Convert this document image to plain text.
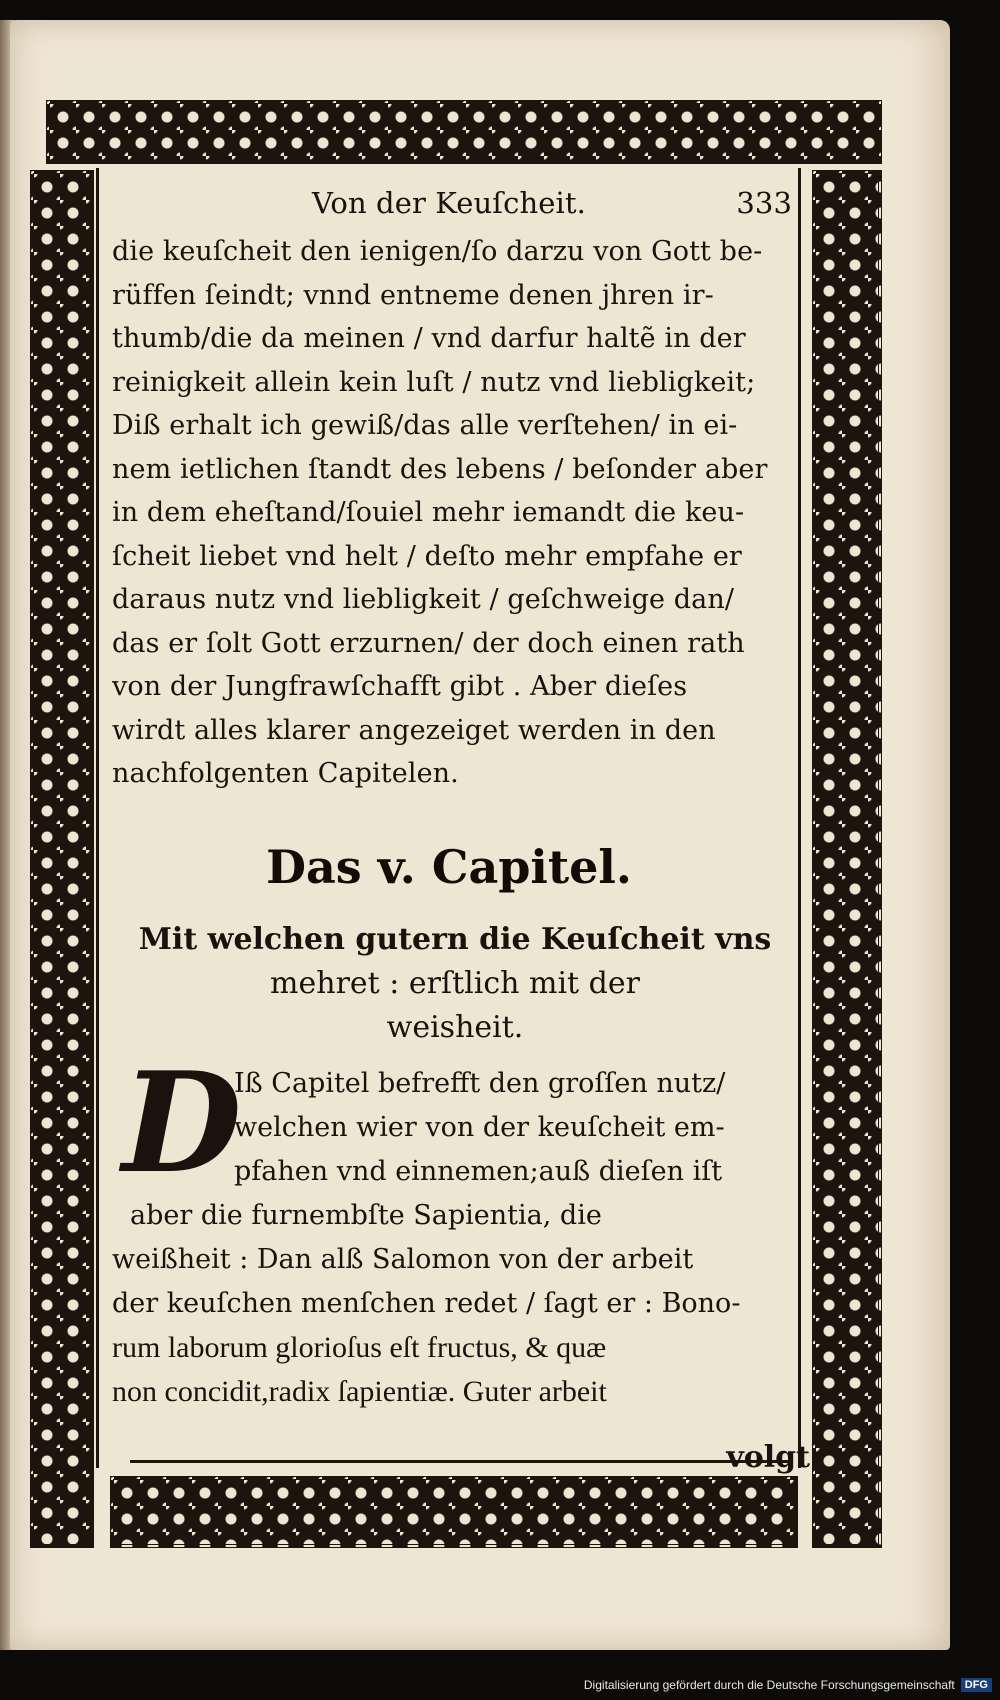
Von der Keuſcheit.	333
die keuſcheit den ienigen/ſo darzu von Gott be-
rüffen ſeindt; vnnd entneme denen jhren ir-
thumb/die da meinen / vnd darfur haltẽ in der
reinigkeit allein kein luſt / nutz vnd liebligkeit;
Diß erhalt ich gewiß/das alle verſtehen/ in ei-
nem ietlichen ſtandt des lebens / beſonder aber
in dem eheſtand/ſouiel mehr iemandt die keu-
ſcheit liebet vnd helt / deſto mehr empfahe er
daraus nutz vnd liebligkeit / geſchweige dan/
das er ſolt Gott erzurnen/ der doch einen rath
von der Jungfrawſchafft gibt . Aber dieſes
wirdt alles klarer angezeiget werden in den
nachfolgenten Capitelen.
Das v. Capitel.
Mit welchen gutern die Keuſcheit vns
mehret : erſtlich mit der
weisheit.
D
Iß Capitel befrefft den groſſen nutz/
welchen wier von der keuſcheit em-
pfahen vnd einnemen;auß dieſen iſt
aber die furnembſte Sapientia, die
weißheit : Dan alß Salomon von der arbeit
der keuſchen menſchen redet / ſagt er : Bono-
rum laborum glorioſus eſt fructus, & quæ
non concidit,radix ſapientiæ. Guter arbeit
volgt
Digitalisierung gefördert durch die Deutsche Forschungsgemeinschaft DFG
